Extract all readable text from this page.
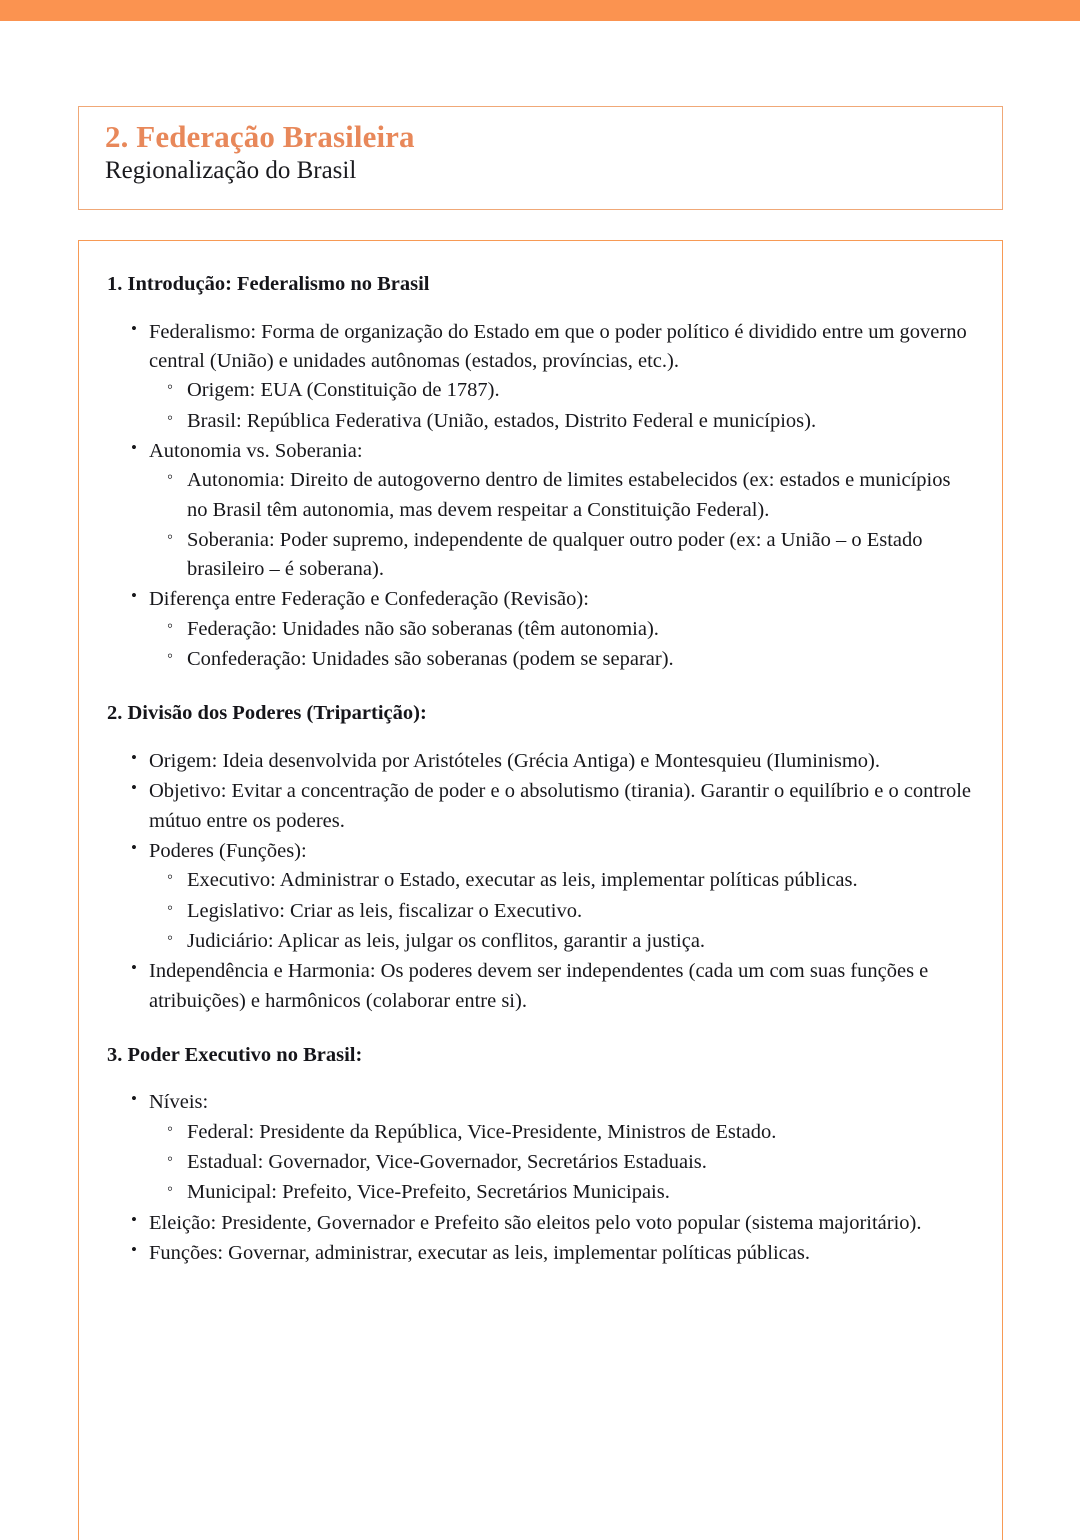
2. Federação Brasileira
Regionalização do Brasil
1. Introdução: Federalismo no Brasil
• Federalismo: Forma de organização do Estado em que o poder político é dividido entre um governo central (União) e unidades autônomas (estados, províncias, etc.).
◦ Origem: EUA (Constituição de 1787).
◦ Brasil: República Federativa (União, estados, Distrito Federal e municípios).
• Autonomia vs. Soberania:
◦ Autonomia: Direito de autogoverno dentro de limites estabelecidos (ex: estados e municípios no Brasil têm autonomia, mas devem respeitar a Constituição Federal).
◦ Soberania: Poder supremo, independente de qualquer outro poder (ex: a União – o Estado brasileiro – é soberana).
• Diferença entre Federação e Confederação (Revisão):
◦ Federação: Unidades não são soberanas (têm autonomia).
◦ Confederação: Unidades são soberanas (podem se separar).
2. Divisão dos Poderes (Tripartição):
• Origem: Ideia desenvolvida por Aristóteles (Grécia Antiga) e Montesquieu (Iluminismo).
• Objetivo: Evitar a concentração de poder e o absolutismo (tirania). Garantir o equilíbrio e o controle mútuo entre os poderes.
• Poderes (Funções):
◦ Executivo: Administrar o Estado, executar as leis, implementar políticas públicas.
◦ Legislativo: Criar as leis, fiscalizar o Executivo.
◦ Judiciário: Aplicar as leis, julgar os conflitos, garantir a justiça.
• Independência e Harmonia: Os poderes devem ser independentes (cada um com suas funções e atribuições) e harmônicos (colaborar entre si).
3. Poder Executivo no Brasil:
• Níveis:
◦ Federal: Presidente da República, Vice-Presidente, Ministros de Estado.
◦ Estadual: Governador, Vice-Governador, Secretários Estaduais.
◦ Municipal: Prefeito, Vice-Prefeito, Secretários Municipais.
• Eleição: Presidente, Governador e Prefeito são eleitos pelo voto popular (sistema majoritário).
• Funções: Governar, administrar, executar as leis, implementar políticas públicas.
